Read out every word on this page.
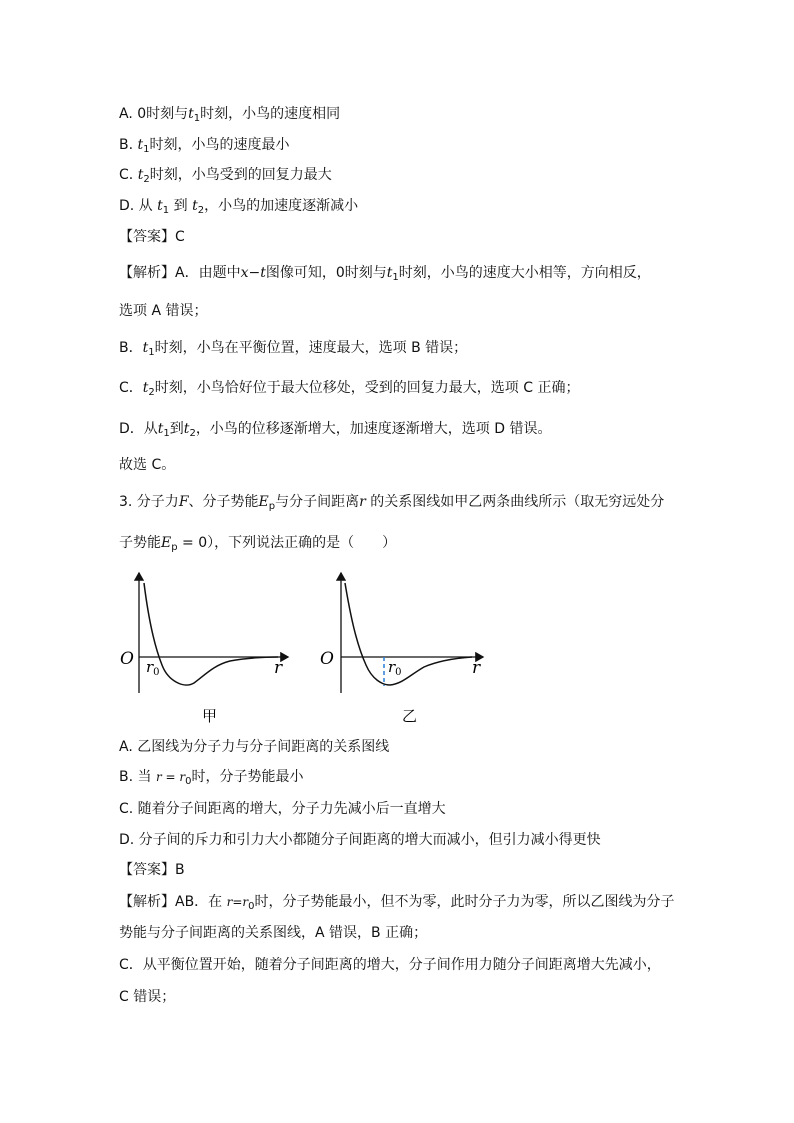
A. 0时刻与$t_1$时刻，小鸟的速度相同
B. $t_1$时刻，小鸟的速度最小
C. $t_2$时刻，小鸟受到的回复力最大
D. 从 $t_1$ 到 $t_2$，小鸟的加速度逐渐减小
【答案】C
【解析】A．由题中x−t图像可知，0时刻与$t_1$时刻，小鸟的速度大小相等，方向相反，
选项 A 错误；
B．$t_1$时刻，小鸟在平衡位置，速度最大，选项 B 错误；
C．$t_2$时刻，小鸟恰好位于最大位移处，受到的回复力最大，选项 C 正确；
D．从$t_1$到$t_2$，小鸟的位移逐渐增大，加速度逐渐增大，选项 D 错误。
故选 C。
3. 分子力F、分子势能$E_p$与分子间距离r 的关系图线如甲乙两条曲线所示（取无穷远处分
子势能$E_p = 0$），下列说法正确的是（　　）
O $r_0$	r
甲
O	$r_0$	r
乙
A. 乙图线为分子力与分子间距离的关系图线
B. 当 $r = r_0$时，分子势能最小
C. 随着分子间距离的增大，分子力先减小后一直增大
D. 分子间的斥力和引力大小都随分子间距离的增大而减小，但引力减小得更快
【答案】B
【解析】AB．在 $r=r_0$时，分子势能最小，但不为零，此时分子力为零，所以乙图线为分子
势能与分子间距离的关系图线，A 错误，B 正确；
C．从平衡位置开始，随着分子间距离的增大，分子间作用力随分子间距离增大先减小，
C 错误；
